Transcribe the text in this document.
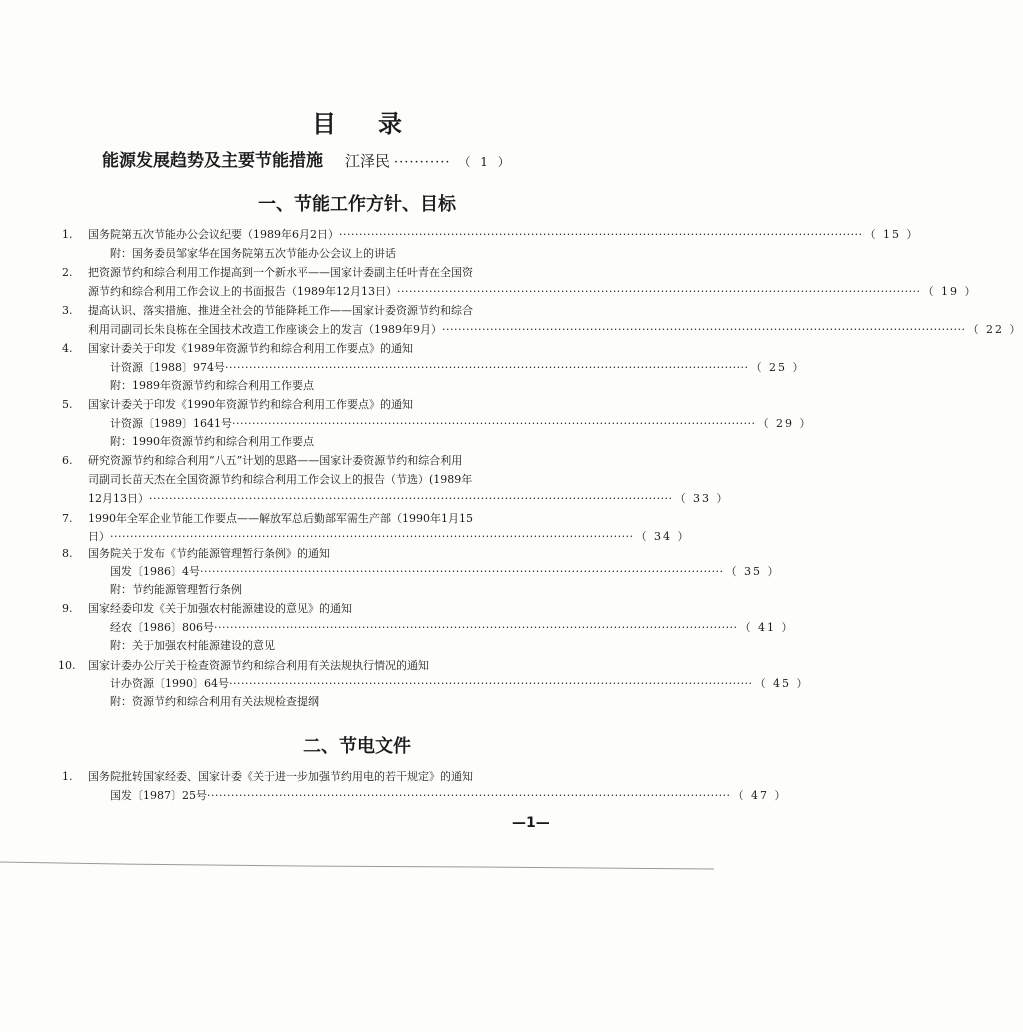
目 录
能源发展趋势及主要节能措施 江泽民 ··········· （ 1 ）
一、节能工作方针、目标
1.	国务院第五次节能办公会议纪要（1989年6月2日） ··································································································································· （ 15 ）
附：国务委员邹家华在国务院第五次节能办公会议上的讲话
2.	把资源节约和综合利用工作提高到一个新水平——国家计委副主任叶青在全国资
源节约和综合利用工作会议上的书面报告（1989年12月13日） ··································································································································· （ 19 ）
3.	提高认识、落实措施、推进全社会的节能降耗工作——国家计委资源节约和综合
利用司副司长朱良栋在全国技术改造工作座谈会上的发言（1989年9月） ··································································································································· （ 22 ）
4.	国家计委关于印发《1989年资源节约和综合利用工作要点》的通知
计资源〔1988〕974号 ··································································································································· （ 25 ）
附：1989年资源节约和综合利用工作要点
5.	国家计委关于印发《1990年资源节约和综合利用工作要点》的通知
计资源〔1989〕1641号 ··································································································································· （ 29 ）
附：1990年资源节约和综合利用工作要点
6.	研究资源节约和综合利用“八五”计划的思路——国家计委资源节约和综合利用
司副司长苗天杰在全国资源节约和综合利用工作会议上的报告（节选）(1989年
12月13日） ··································································································································· （ 33 ）
7.	1990年全军企业节能工作要点——解放军总后勤部军需生产部（1990年1月15
日） ··································································································································· （ 34 ）
8.	国务院关于发布《节约能源管理暂行条例》的通知
国发〔1986〕4号 ··································································································································· （ 35 ）
附：节约能源管理暂行条例
9.	国家经委印发《关于加强农村能源建设的意见》的通知
经农〔1986〕806号 ··································································································································· （ 41 ）
附：关于加强农村能源建设的意见
10.	国家计委办公厅关于检查资源节约和综合利用有关法规执行情况的通知
计办资源〔1990〕64号 ··································································································································· （ 45 ）
附：资源节约和综合利用有关法规检查提纲
二、节电文件
1.	国务院批转国家经委、国家计委《关于进一步加强节约用电的若干规定》的通知
国发〔1987〕25号 ··································································································································· （ 47 ）
—1—
